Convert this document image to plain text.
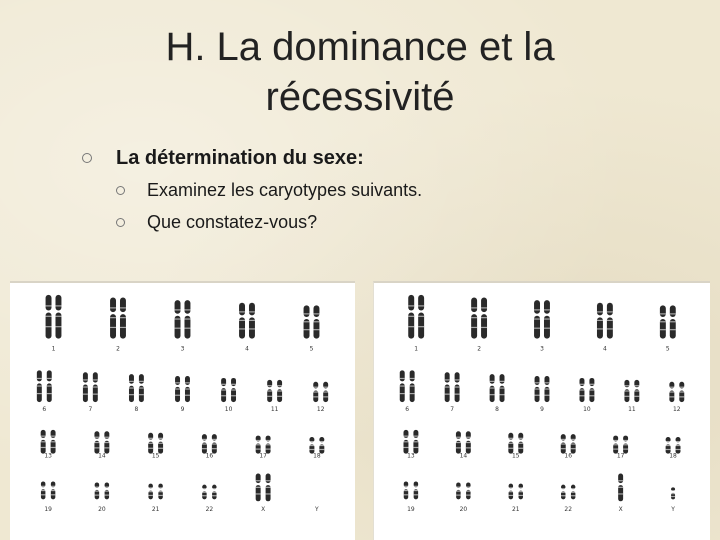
H. La dominance et la
récessivité
La détermination du sexe:
Examinez les caryotypes suivants.
Que constatez-vous?
1	2	3	4	5
6	7	8	9	10	11	12
13	14	15	16	17	18
19	20	21	22	X	Y
1	2	3	4	5
6	7	8	9	10	11	12
13	14	15	16	17	18
19	20	21	22	X	Y
